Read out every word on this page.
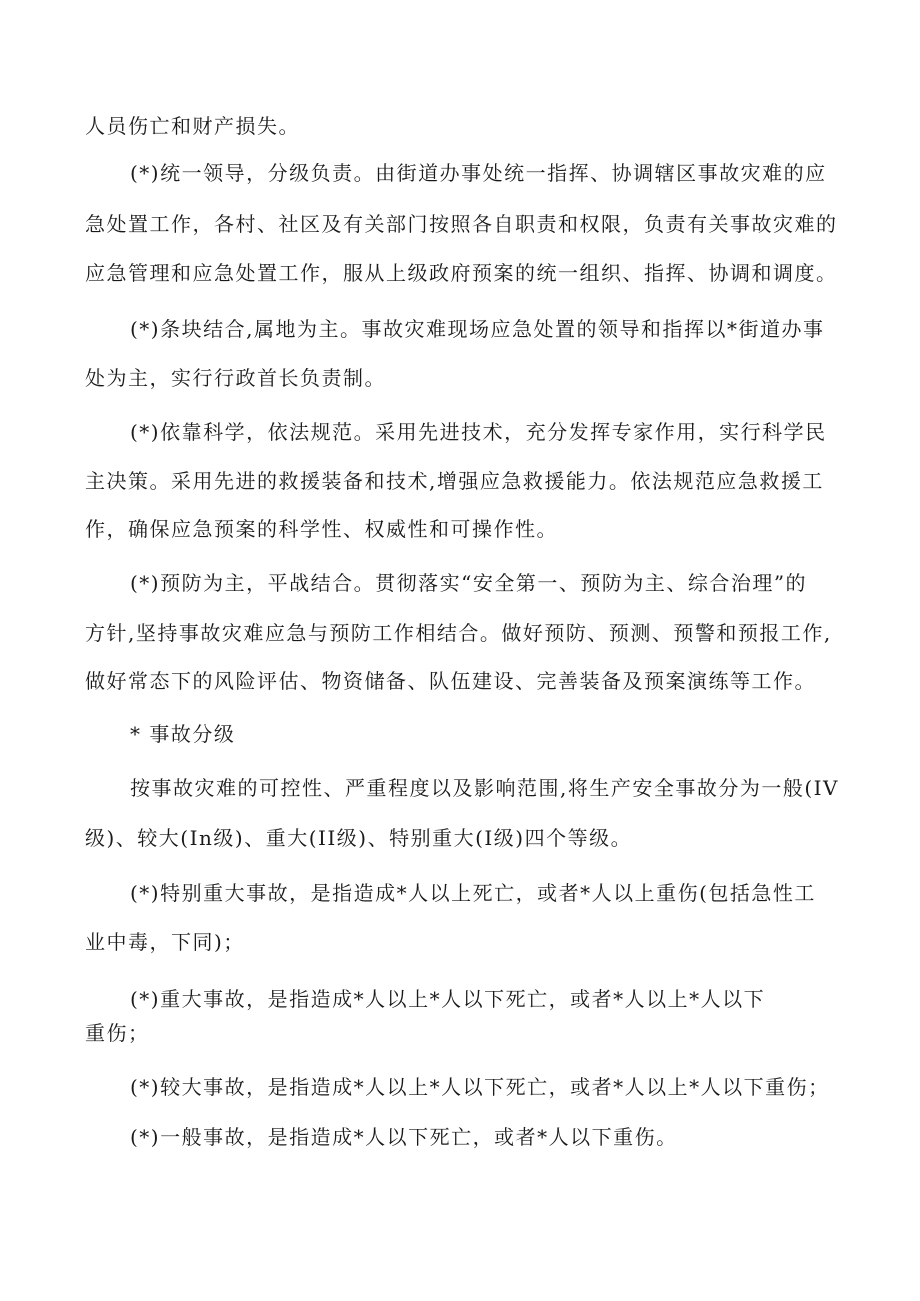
人员伤亡和财产损失。
(*)统一领导，分级负责。由街道办事处统一指挥、协调辖区事故灾难的应
急处置工作，各村、社区及有关部门按照各自职责和权限，负责有关事故灾难的
应急管理和应急处置工作，服从上级政府预案的统一组织、指挥、协调和调度。
(*)条块结合,属地为主。事故灾难现场应急处置的领导和指挥以*街道办事
处为主，实行行政首长负责制。
(*)依靠科学，依法规范。采用先进技术，充分发挥专家作用，实行科学民
主决策。采用先进的救援装备和技术,增强应急救援能力。依法规范应急救援工
作，确保应急预案的科学性、权威性和可操作性。
(*)预防为主，平战结合。贯彻落实“安全第一、预防为主、综合治理”的
方针,坚持事故灾难应急与预防工作相结合。做好预防、预测、预警和预报工作,
做好常态下的风险评估、物资储备、队伍建设、完善装备及预案演练等工作。
* 事故分级
按事故灾难的可控性、严重程度以及影响范围,将生产安全事故分为一般(IV
级)、较大(In级)、重大(II级)、特别重大(I级)四个等级。
(*)特别重大事故，是指造成*人以上死亡，或者*人以上重伤(包括急性工
业中毒，下同)；
(*)重大事故，是指造成*人以上*人以下死亡，或者*人以上*人以下
重伤；
(*)较大事故，是指造成*人以上*人以下死亡，或者*人以上*人以下重伤；
(*)一般事故，是指造成*人以下死亡，或者*人以下重伤。
